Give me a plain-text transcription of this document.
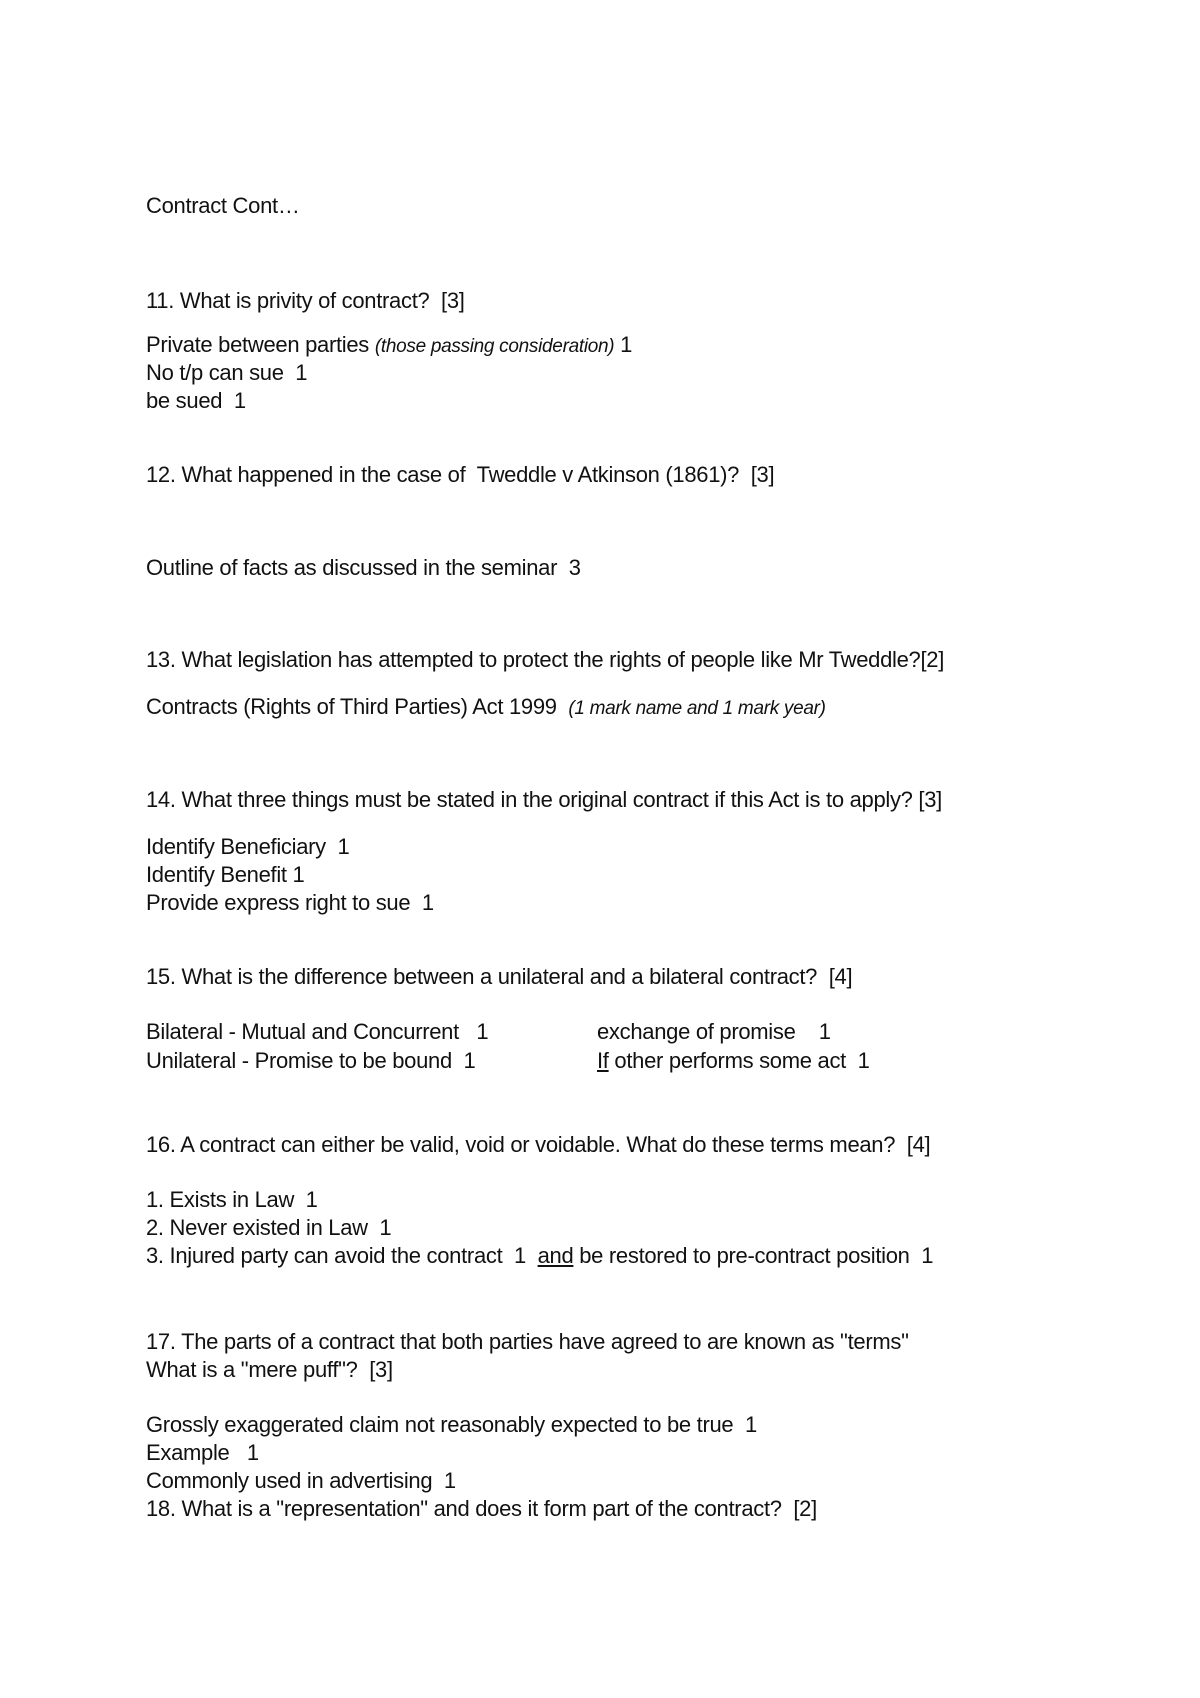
Contract Cont…

11. What is privity of contract?  [3]

Private between parties (those passing consideration) 1

No t/p can sue  1

be sued  1

12. What happened in the case of  Tweddle v Atkinson (1861)?  [3]

Outline of facts as discussed in the seminar  3

13. What legislation has attempted to protect the rights of people like Mr Tweddle?[2]

Contracts (Rights of Third Parties) Act 1999  (1 mark name and 1 mark year)

14. What three things must be stated in the original contract if this Act is to apply? [3]

Identify Beneficiary  1

Identify Benefit 1

Provide express right to sue  1

15. What is the difference between a unilateral and a bilateral contract?  [4]

Bilateral - Mutual and Concurrent   1	exchange of promise    1

Unilateral - Promise to be bound  1	If other performs some act  1

16. A contract can either be valid, void or voidable. What do these terms mean?  [4]

1. Exists in Law  1

2. Never existed in Law  1

3. Injured party can avoid the contract  1  and be restored to pre-contract position  1

17. The parts of a contract that both parties have agreed to are known as "terms"

What is a "mere puff"?  [3]

Grossly exaggerated claim not reasonably expected to be true  1

Example   1

Commonly used in advertising  1

18. What is a "representation" and does it form part of the contract?  [2]
